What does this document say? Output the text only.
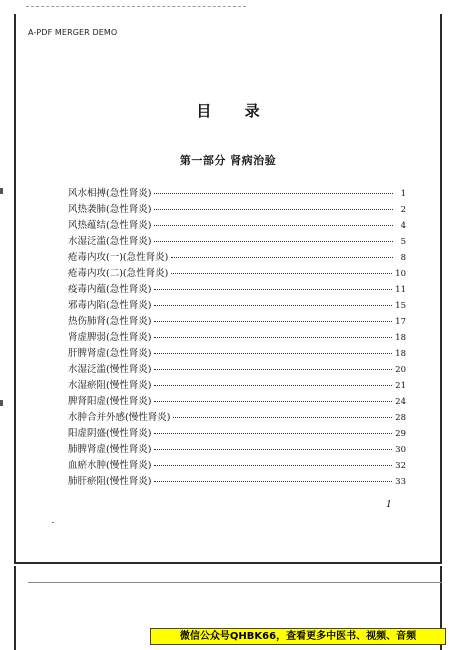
A-PDF MERGER DEMO
目 录
第一部分 肾病治验
风水相搏(急性肾炎)	1
风热袭肺(急性肾炎)	2
风热蕴结(急性肾炎)	4
水湿泛滥(急性肾炎)	5
疮毒内攻(一)(急性肾炎)	8
疮毒内攻(二)(急性肾炎)	10
疫毒内蕴(急性肾炎)	11
邪毒内陷(急性肾炎)	15
热伤肺肾(急性肾炎)	17
肾虚脾弱(急性肾炎)	18
肝脾肾虚(急性肾炎)	18
水湿泛滥(慢性肾炎)	20
水湿瘀阻(慢性肾炎)	21
脾肾阳虚(慢性肾炎)	24
水肿合并外感(慢性肾炎)	28
阳虚阴盛(慢性肾炎)	29
肺脾肾虚(慢性肾炎)	30
血瘀水肿(慢性肾炎)	32
肺肝瘀阻(慢性肾炎)	33
1
微信公众号QHBK66，查看更多中医书、视频、音频
